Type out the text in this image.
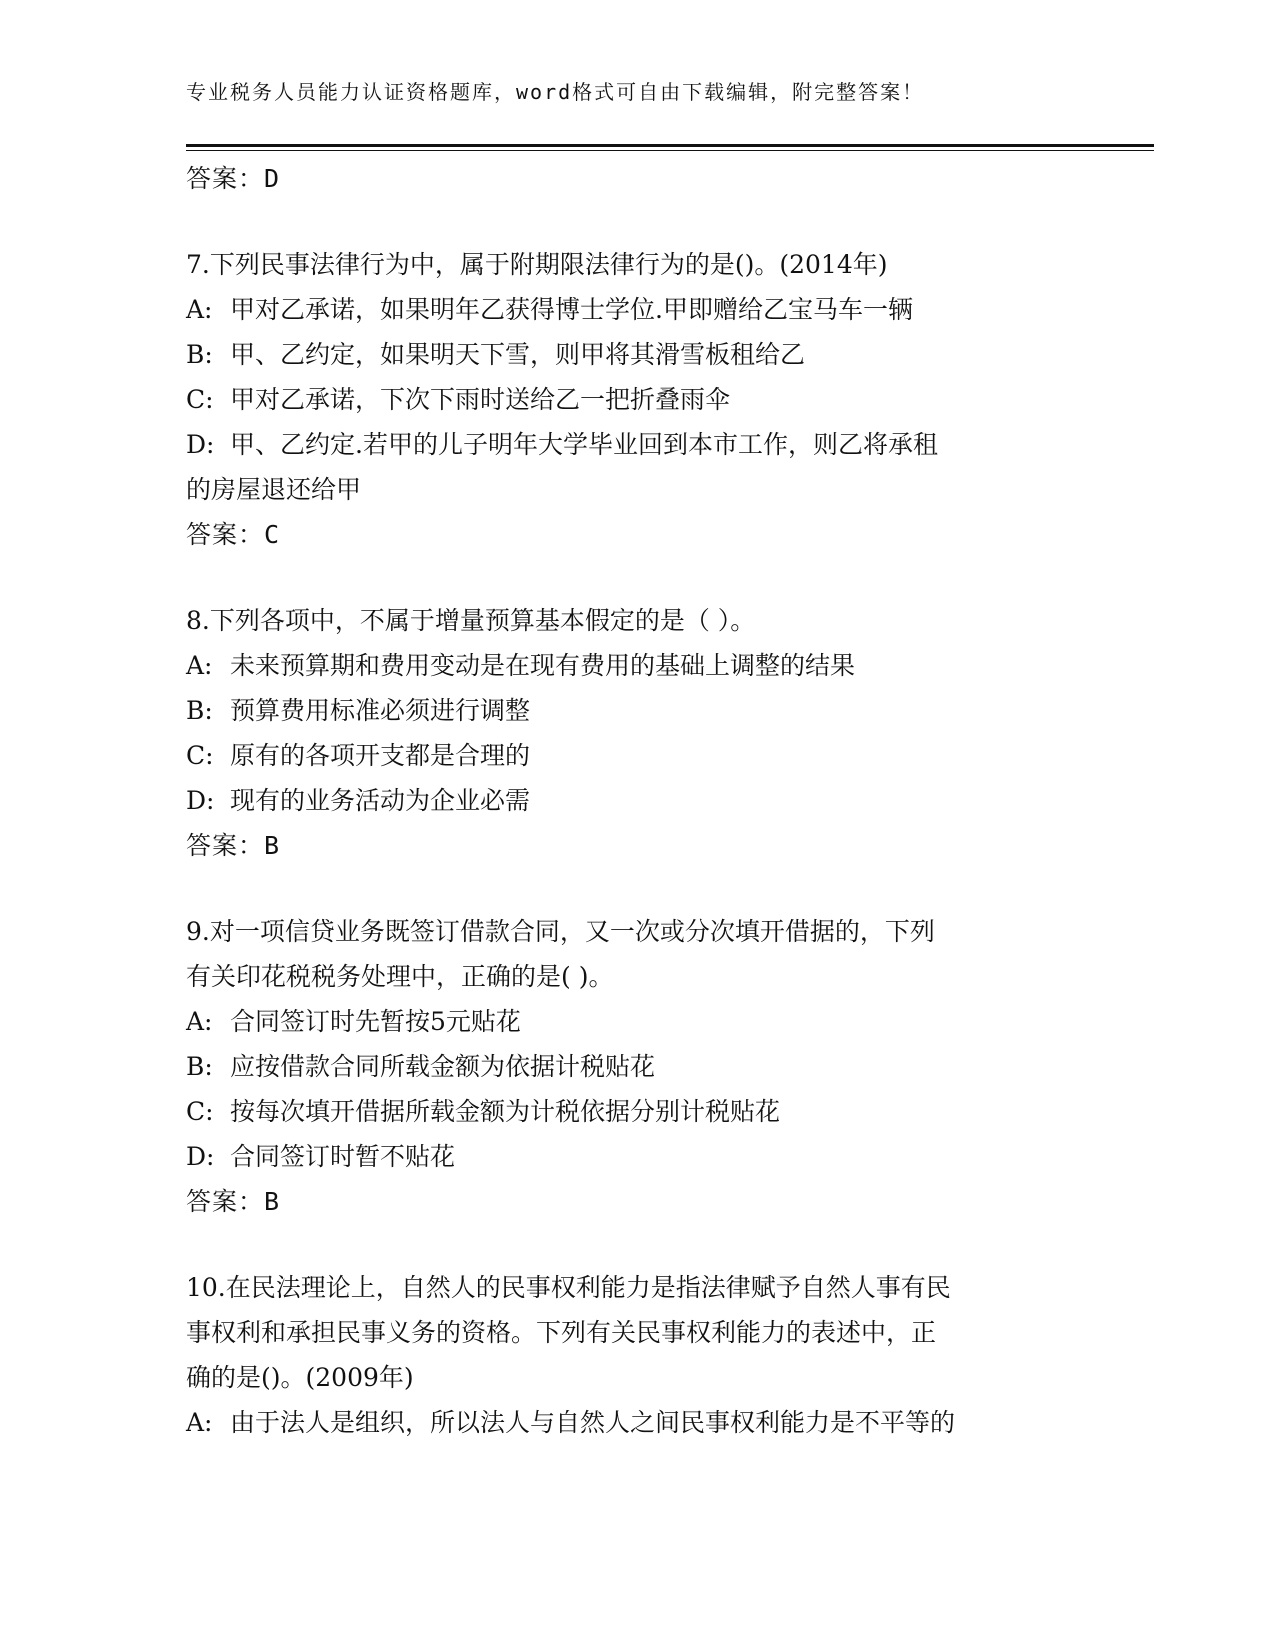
专业税务人员能力认证资格题库，word格式可自由下载编辑，附完整答案！
答案：D
7.下列民事法律行为中，属于附期限法律行为的是()。(2014年)
A: 甲对乙承诺，如果明年乙获得博士学位.甲即赠给乙宝马车一辆
B: 甲、乙约定，如果明天下雪，则甲将其滑雪板租给乙
C: 甲对乙承诺，下次下雨时送给乙一把折叠雨伞
D: 甲、乙约定.若甲的儿子明年大学毕业回到本市工作，则乙将承租
的房屋退还给甲
答案：C
8.下列各项中，不属于增量预算基本假定的是（ ）。
A: 未来预算期和费用变动是在现有费用的基础上调整的结果
B: 预算费用标准必须进行调整
C: 原有的各项开支都是合理的
D: 现有的业务活动为企业必需
答案：B
9.对一项信贷业务既签订借款合同，又一次或分次填开借据的，下列
有关印花税税务处理中，正确的是( )。
A: 合同签订时先暂按5元贴花
B: 应按借款合同所载金额为依据计税贴花
C: 按每次填开借据所载金额为计税依据分别计税贴花
D: 合同签订时暂不贴花
答案：B
10.在民法理论上，自然人的民事权利能力是指法律赋予自然人事有民
事权利和承担民事义务的资格。下列有关民事权利能力的表述中，正
确的是()。(2009年)
A: 由于法人是组织，所以法人与自然人之间民事权利能力是不平等的
